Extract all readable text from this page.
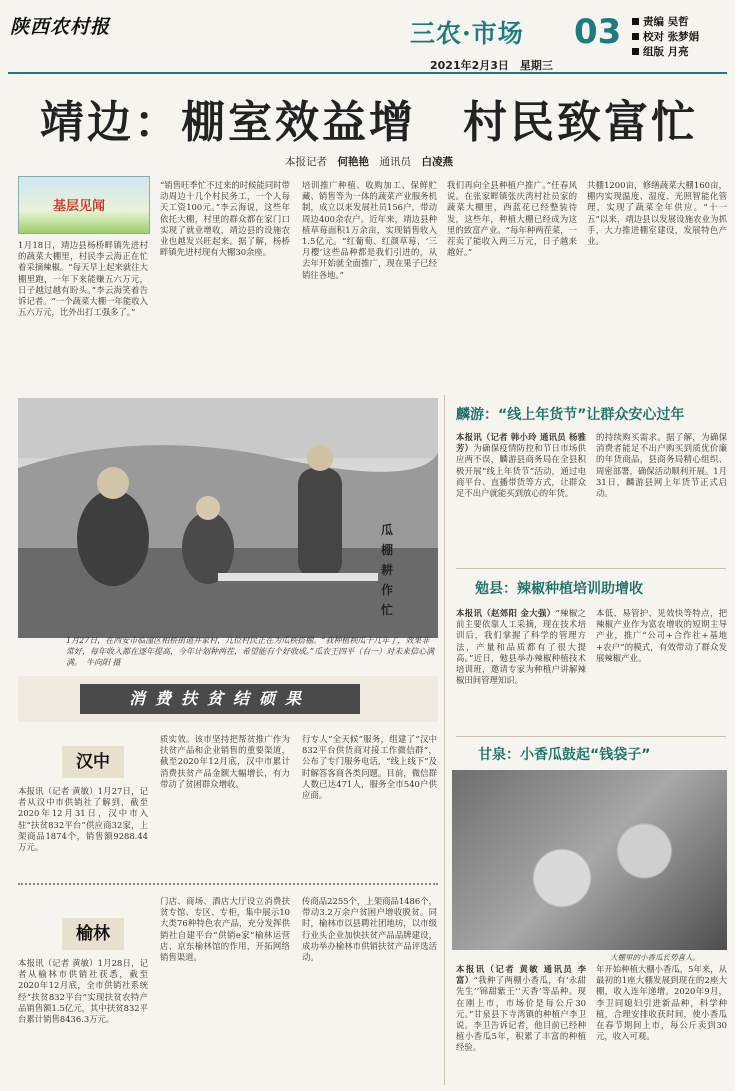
陕西农村报	三农·市场	03
2021年2月3日　星期三
责编 吴哲
校对 张梦娟
组版 月亮
靖边：棚室效益增　村民致富忙
本报记者　 何艳艳　 通讯员　 白凌燕
基层见闻
1月18日，靖边县杨桥畔镇先进村的蔬菜大棚里，村民李云海正在忙着采摘辣椒。“每天早上起来就往大棚里跑，一年下来能赚五六万元，日子越过越有盼头。”李云海笑着告诉记者。“一个蔬菜大棚一年能收入五六万元，比外出打工强多了。”
“销售旺季忙不过来的时候能同时带动周边十几个村民务工，一个人每天工资100元。”李云海说，这些年依托大棚，村里的群众都在家门口实现了就业增收，靖边县的设施农业也越发兴旺起来。据了解，杨桥畔镇先进村现有大棚30余座。
培训推广种植、收购加工、保鲜贮藏、销售等为一体的蔬菜产业服务机制，成立以来发展社员156户，带动周边400余农户。近年来，靖边县种植草莓面积1万余亩，实现销售收入1.5亿元。“红葡萄、红颜草莓、‘三月樱’这些品种都是我们引进的，从去年开始就全面推广，现在果子已经销往各地。”
我们再向全县种植户推广。”任春风说。在张家畔镇张庆湾村社员家的蔬菜大棚里，西蓝花已经整装待发，这些年，种植大棚已经成为这里的致富产业。“每年种两茬菜，一茬卖了能收入两三万元，日子越来越好。”
共棚1200亩，修缮蔬菜大棚160亩，棚内实现温度、湿度、光照智能化管理，实现了蔬菜全年供应。“十一五”以来，靖边县以发展设施农业为抓手，大力推进棚室建设，发展特色产业。
瓜棚耕作忙
1月27日，在西安市临潼区相桥街道井家村，几位村民正在为瓜秧搭棚。“我种植秧瓜十几年了，效果非常好，每年收入都在逐年提高，今年计划种两茬，希望能有个好收成。”瓜农王四平（右一）对未来信心满满。　牛向阳 摄
麟游：“线上年货节”让群众安心过年
本报讯（记者 韩小玲 通讯员 杨雅芳）为确保疫情防控和节日市场供应两不误，麟游县商务局在全县积极开展“线上年货节”活动，通过电商平台、直播带货等方式，让群众足不出户就能买到放心的年货。
的持续购买需求。据了解，为确保消费者能足不出户购买到质优价廉的年货商品，县商务局精心组织、周密部署，确保活动顺利开展。1月31日，麟游县网上年货节正式启动。
勉县：辣椒种植培训助增收
本报讯（赵郊阳 金大强）“辣椒之前主要依靠人工采摘，现在技术培训后，我们掌握了科学的管理方法，产量和品质都有了很大提高。”近日，勉县举办辣椒种植技术培训班，邀请专家为种植户讲解辣椒田间管理知识。
本低、易管护、见效快等特点，把辣椒产业作为富农增收的短期主导产业，推广“公司+合作社+基地+农户”的模式，有效带动了群众发展辣椒产业。
甘泉：小香瓜鼓起“钱袋子”
大棚里的小香瓜长势喜人。
本报讯（记者 黄敏 通讯员 李富）“我种了两棚小香瓜，有‘永甜先生’‘锦甜紫王’‘天香’等品种。现在刚上市，市场价是每公斤30元。”甘泉县下寺湾镇的种植户李卫说。李卫告诉记者，他目前已经种植小香瓜5年，积累了丰富的种植经验。
年开始种植大棚小香瓜，5年来，从最初的1座大棚发展到现在的2座大棚，收入连年递增。2020年9月，李卫同媳妇引进新品种，科学种植，合理安排收获时间，使小香瓜在春节期间上市，每公斤卖到30元，收入可观。
消费扶贫结硕果
汉中
本报讯（记者 黄敏）1月27日，记者从汉中市供销社了解到，截至2020年12月31日，汉中市入驻“扶贫832平台”供应商32家，上架商品1874个，销售额9288.44万元。
质实效。该市坚持把帮贫推广作为扶贫产品和企业销售的重要渠道，截至2020年12月底，汉中市累计消费扶贫产品金额大幅增长，有力带动了贫困群众增收。
行专人“全天候”服务，组建了“汉中832平台供货商对接工作微信群”，公布了专门服务电话，“线上线下”及时解答客商各类问题。目前，微信群人数已达471人，服务全市540户供应商。
榆林
本报讯（记者 黄敏）1月28日，记者从榆林市供销社获悉，截至2020年12月底，全市供销社系统经“扶贫832平台”实现扶贫农特产品销售额1.5亿元，其中扶贫832平台累计销售8436.3万元。
门店、商场、酒店大厅设立消费扶贫专馆、专区、专柜，集中展示10大类76种特色农产品，充分发挥供销社自建平台“供销e家”榆林运营店、京东榆林馆的作用，开拓网络销售渠道。
传商品2255个，上架商品1486个，带动3.2万余户贫困户增收脱贫。同时，榆林市以县聘社团地坊，以市级行业头企业加快扶贫产品品牌建设，成功举办榆林市供销扶贫产品评选活动。
